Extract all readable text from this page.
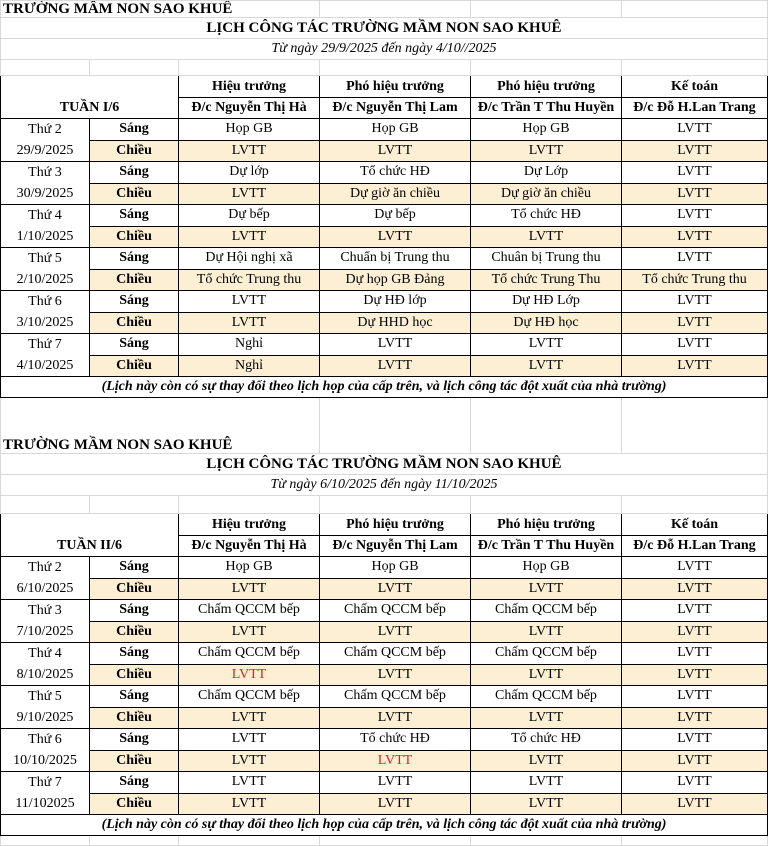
TRƯỜNG MẦM NON SAO KHUÊ					
LỊCH CÔNG TÁC TRƯỜNG MẦM NON SAO KHUÊ					
Từ ngày 29/9/2025 đến ngày 4/10//2025					

TUẦN I/6		Hiệu trưởng	Phó hiệu trưởng	Phó hiệu trưởng	Kế toán
		Đ/c Nguyễn Thị Hà	Đ/c Nguyễn Thị Lam	Đ/c Trần T Thu Huyền	Đ/c Đỗ H.Lan Trang

Thứ 2
29/9/2025	Sáng	Họp GB	Họp GB	Họp GB	LVTT
	Chiều	LVTT	LVTT	LVTT	LVTT

Thứ 3
30/9/2025	Sáng	Dự lớp	Tổ chức HĐ	Dự Lớp	LVTT
	Chiều	LVTT	Dự giờ ăn chiều	Dự giờ ăn chiều	LVTT

Thứ 4
1/10/2025	Sáng	Dự bếp	Dự bếp	Tổ chức HĐ	LVTT
	Chiều	LVTT	LVTT	LVTT	LVTT

Thứ 5
2/10/2025	Sáng	Dự Hội nghị xã	Chuẩn bị Trung thu	Chuân bị Trung thu	LVTT
	Chiều	Tổ chức Trung thu	Dự họp GB Đảng	Tổ chức Trung Thu	Tổ chức Trung thu

Thứ 6
3/10/2025	Sáng	LVTT	Dự HĐ lớp	Dự HĐ Lớp	LVTT
	Chiều	LVTT	Dự HHD học	Dự HĐ học	LVTT

Thứ 7
4/10/2025	Sáng	Nghỉ	LVTT	LVTT	LVTT
	Chiều	Nghỉ	LVTT	LVTT	LVTT
(Lịch này còn có sự thay đổi theo lịch họp của cấp trên, và lịch công tác đột xuất của nhà trường)					
TRƯỜNG MẦM NON SAO KHUÊ					
LỊCH CÔNG TÁC TRƯỜNG MẦM NON SAO KHUÊ					
Từ ngày 6/10/2025 đến ngày 11/10/2025					

TUẦN II/6		Hiệu trưởng	Phó hiệu trưởng	Phó hiệu trưởng	Kế toán
		Đ/c Nguyễn Thị Hà	Đ/c Nguyễn Thị Lam	Đ/c Trần T Thu Huyền	Đ/c Đỗ H.Lan Trang

Thứ 2
6/10/2025	Sáng	Họp GB	Họp GB	Họp GB	LVTT
	Chiều	LVTT	LVTT	LVTT	LVTT

Thứ 3
7/10/2025	Sáng	Chấm QCCM bếp	Chấm QCCM bếp	Chấm QCCM bếp	LVTT
	Chiều	LVTT	LVTT	LVTT	LVTT

Thứ 4
8/10/2025	Sáng	Chấm QCCM bếp	Chấm QCCM bếp	Chấm QCCM bếp	LVTT
	Chiều	LVTT	LVTT	LVTT	LVTT

Thứ 5
9/10/2025	Sáng	Chấm QCCM bếp	Chấm QCCM bếp	Chấm QCCM bếp	LVTT
	Chiều	LVTT	LVTT	LVTT	LVTT

Thứ 6
10/10/2025	Sáng	LVTT	Tổ chức HĐ	Tổ chức HĐ	LVTT
	Chiều	LVTT	LVTT	LVTT	LVTT

Thứ 7
11/102025	Sáng	LVTT	LVTT	LVTT	LVTT
	Chiều	LVTT	LVTT	LVTT	LVTT
(Lịch này còn có sự thay đổi theo lịch họp của cấp trên, và lịch công tác đột xuất của nhà trường)					
